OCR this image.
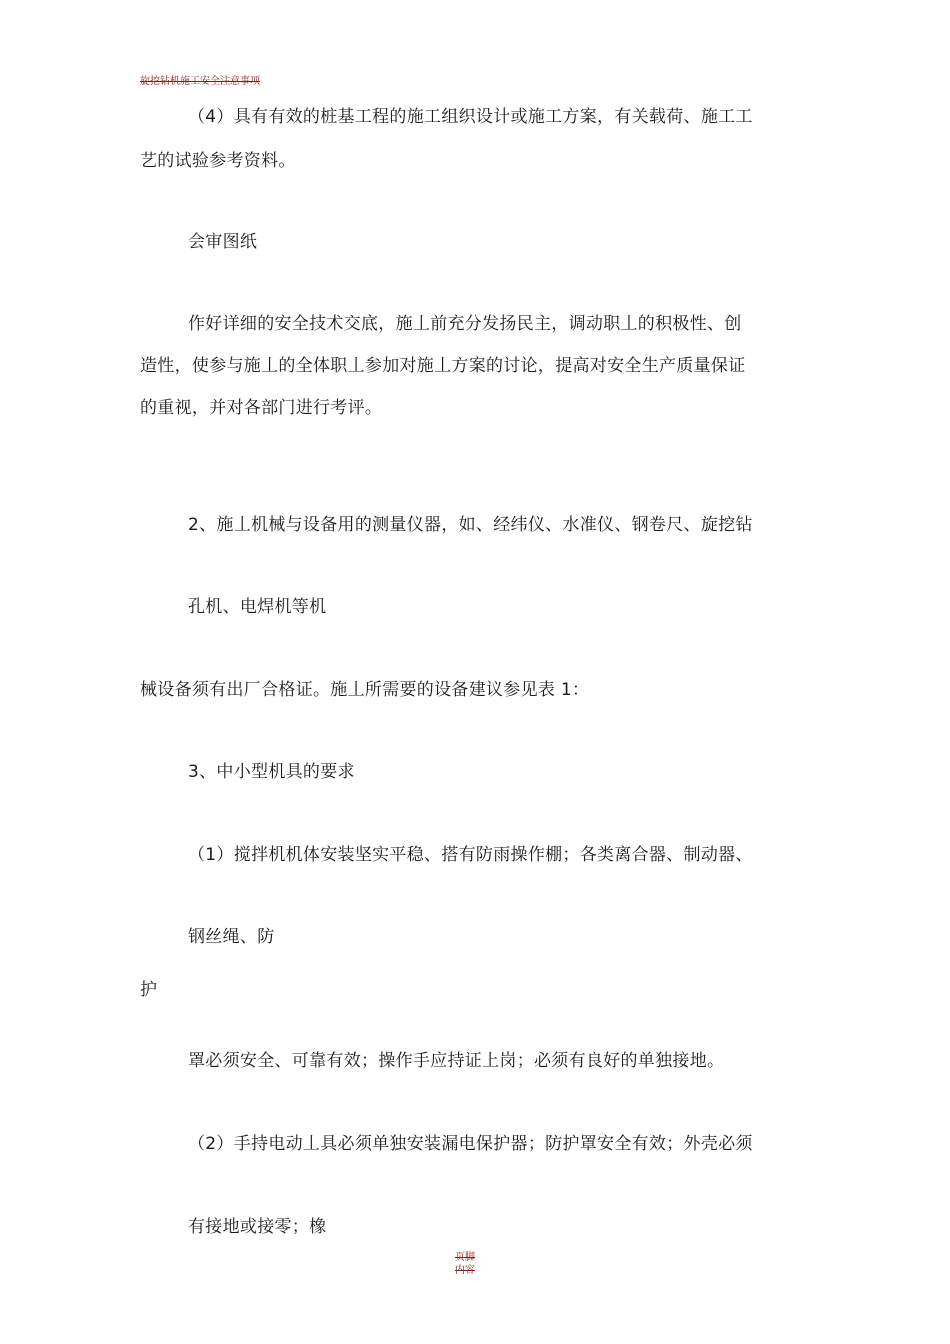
旋挖钻机施工安全注意事项
（4）具有有效的桩基工程的施工组织设计或施工方案，有关载荷、施工工
艺的试验参考资料。
会审图纸
作好详细的安全技术交底，施丄前充分发扬民主，调动职丄的积极性、创
造性，使参与施丄的全体职丄参加对施丄方案的讨论，提高对安全生产质量保证
的重视，并对各部门进行考评。
2、施丄机械与设备用的测量仪器，如、经纬仪、水准仪、钢卷尺、旋挖钻
孔机、电焊机等机
械设备须有出厂合格证。施丄所需要的设备建议参见表 1：
3、中小型机具的要求
（1）搅拌机机体安装坚实平稳、搭有防雨操作棚；各类离合器、制动器、
钢丝绳、防
护
罩必须安全、可靠有效；操作手应持证上岗；必须有良好的单独接地。
（2）手持电动丄具必须单独安装漏电保护器；防护罩安全有效；外壳必须
有接地或接零；橡
页脚内容
